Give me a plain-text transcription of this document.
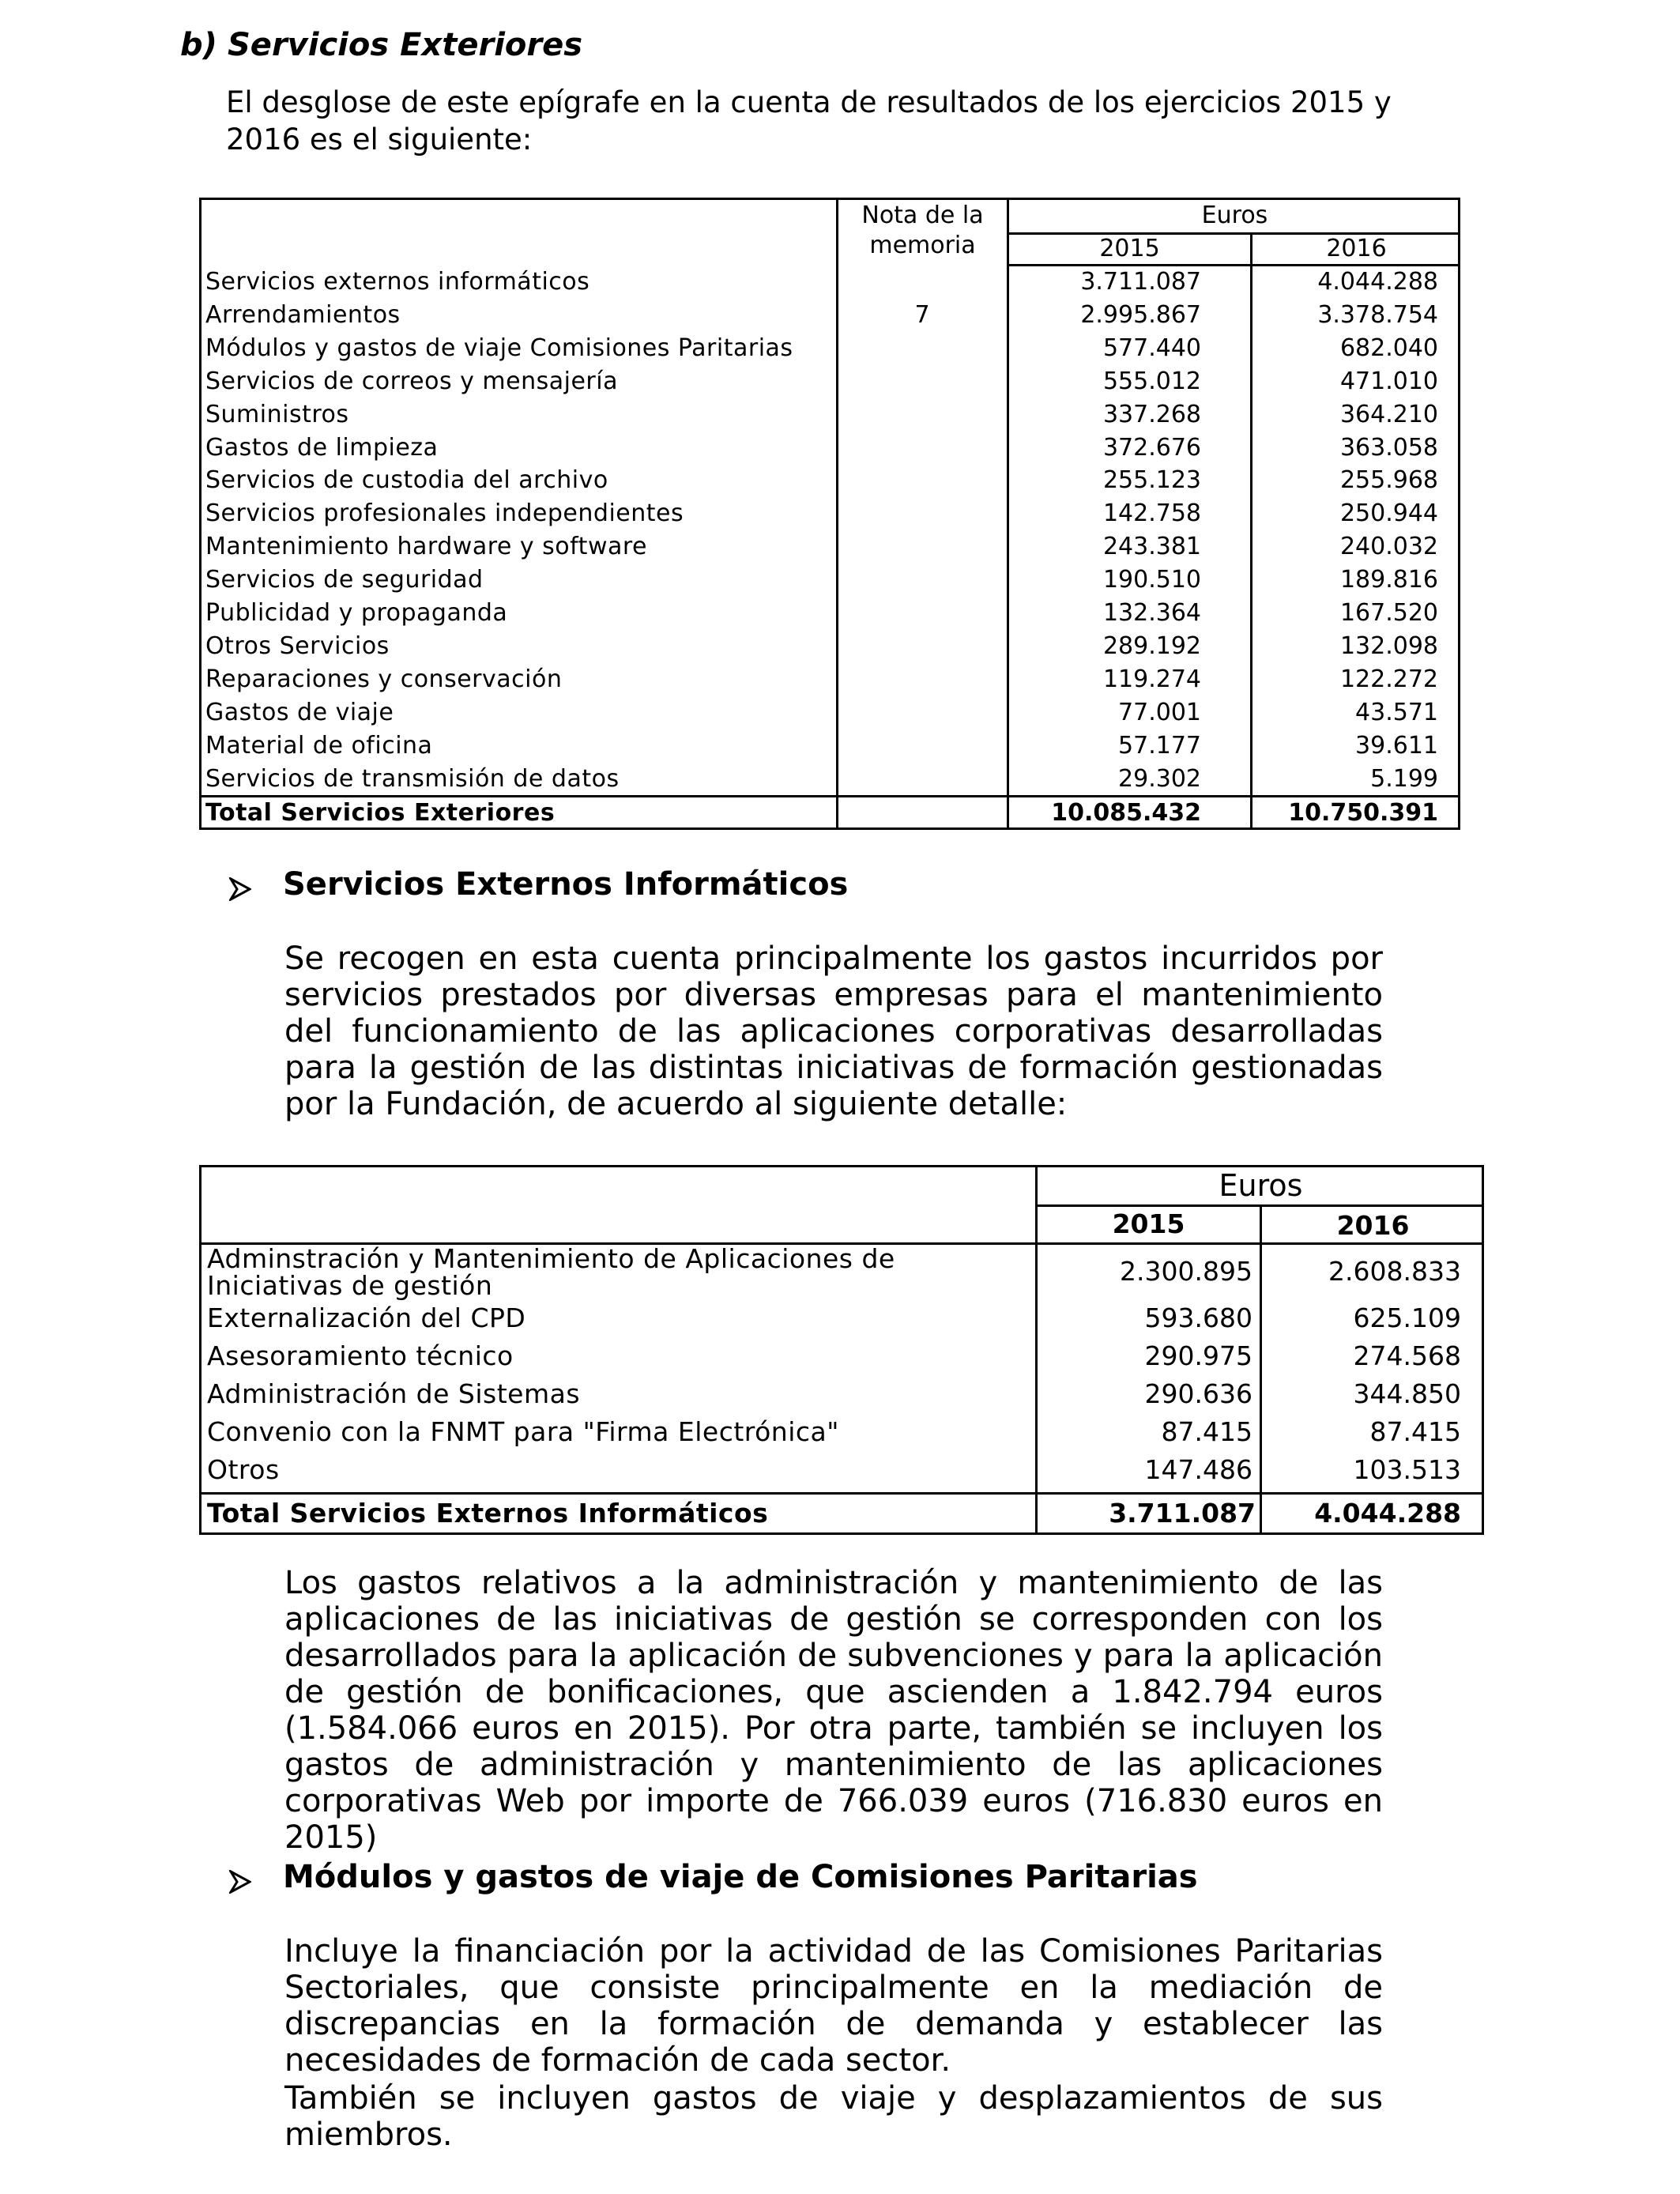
b) Servicios Exteriores
El desglose de este epígrafe en la cuenta de resultados de los ejercicios 2015 y 2016 es el siguiente:
Nota de la memoria
Euros
2015	2016
Servicios externos informáticos	3.711.087	4.044.288
Arrendamientos	7	2.995.867	3.378.754
Módulos y gastos de viaje Comisiones Paritarias	577.440	682.040
Servicios de correos y mensajería	555.012	471.010
Suministros	337.268	364.210
Gastos de limpieza	372.676	363.058
Servicios de custodia del archivo	255.123	255.968
Servicios profesionales independientes	142.758	250.944
Mantenimiento hardware y software	243.381	240.032
Servicios de seguridad	190.510	189.816
Publicidad y propaganda	132.364	167.520
Otros Servicios	289.192	132.098
Reparaciones y conservación	119.274	122.272
Gastos de viaje	77.001	43.571
Material de oficina	57.177	39.611
Servicios de transmisión de datos	29.302	5.199
Total Servicios Exteriores	10.085.432	10.750.391
Servicios Externos Informáticos
Se recogen en esta cuenta principalmente los gastos incurridos por servicios prestados por diversas empresas para el mantenimiento del funcionamiento de las aplicaciones corporativas desarrolladas para la gestión de las distintas iniciativas de formación gestionadas por la Fundación, de acuerdo al siguiente detalle:
Euros
2015	2016
Adminstración y Mantenimiento de Aplicaciones de
Iniciativas de gestión	2.300.895	2.608.833
Externalización del CPD	593.680	625.109
Asesoramiento técnico	290.975	274.568
Administración de Sistemas	290.636	344.850
Convenio con la FNMT para "Firma Electrónica"	87.415	87.415
Otros	147.486	103.513
Total Servicios Externos Informáticos	3.711.087	4.044.288
Los gastos relativos a la administración y mantenimiento de las aplicaciones de las iniciativas de gestión se corresponden con los desarrollados para la aplicación de subvenciones y para la aplicación de gestión de bonificaciones, que ascienden a 1.842.794 euros (1.584.066 euros en 2015). Por otra parte, también se incluyen los gastos de administración y mantenimiento de las aplicaciones corporativas Web por importe de 766.039 euros (716.830 euros en 2015)
Módulos y gastos de viaje de Comisiones Paritarias
Incluye la financiación por la actividad de las Comisiones Paritarias Sectoriales, que consiste principalmente en la mediación de discrepancias en la formación de demanda y establecer las necesidades de formación de cada sector.
También se incluyen gastos de viaje y desplazamientos de sus miembros.
